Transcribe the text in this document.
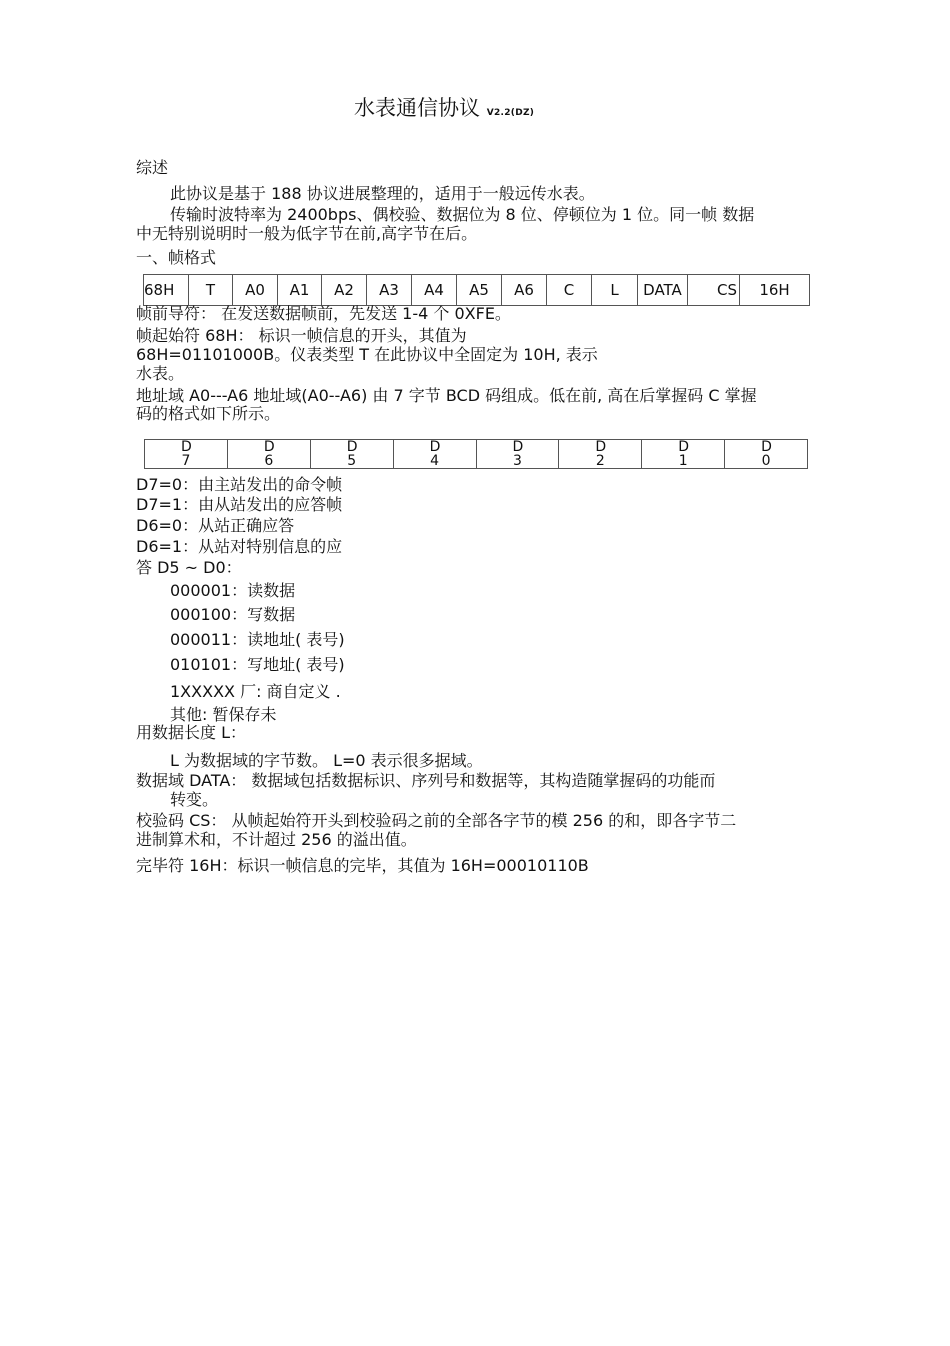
水表通信协议 V2.2(DZ)
综述
此协议是基于 188 协议进展整理的，适用于一般远传水表。
传输时波特率为 2400bps、偶校验、数据位为 8 位、停顿位为 1 位。同一帧 数据
中无特别说明时一般为低字节在前,高字节在后。
一、帧格式
68H	T	A0	A1	A2	A3	A4	A5	A6	C	L	DATA	CS	16H
帧前导符： 在发送数据帧前，先发送 1-4 个 0XFE。
帧起始符 68H： 标识一帧信息的开头，其值为
68H=01101000B。仪表类型 T 在此协议中全固定为 10H, 表示
水表。
地址域 A0---A6 地址域(A0--A6) 由 7 字节 BCD 码组成。低在前, 高在后掌握码 C 掌握
码的格式如下所示。
D7	D6	D5	D4	D3	D2	D1	D0
D7=0：由主站发出的命令帧
D7=1：由从站发出的应答帧
D6=0：从站正确应答
D6=1：从站对特别信息的应
答 D5 ~ D0：
000001：读数据
000100：写数据
000011：读地址( 表号)
010101：写地址( 表号)
1XXXXX 厂: 商自定义 .
其他: 暂保存未
用数据长度 L：
L 为数据域的字节数。 L=0 表示很多据域。
数据域 DATA： 数据域包括数据标识、序列号和数据等，其构造随掌握码的功能而
转变。
校验码 CS： 从帧起始符开头到校验码之前的全部各字节的模 256 的和，即各字节二
进制算术和，不计超过 256 的溢出值。
完毕符 16H：标识一帧信息的完毕，其值为 16H=00010110B
